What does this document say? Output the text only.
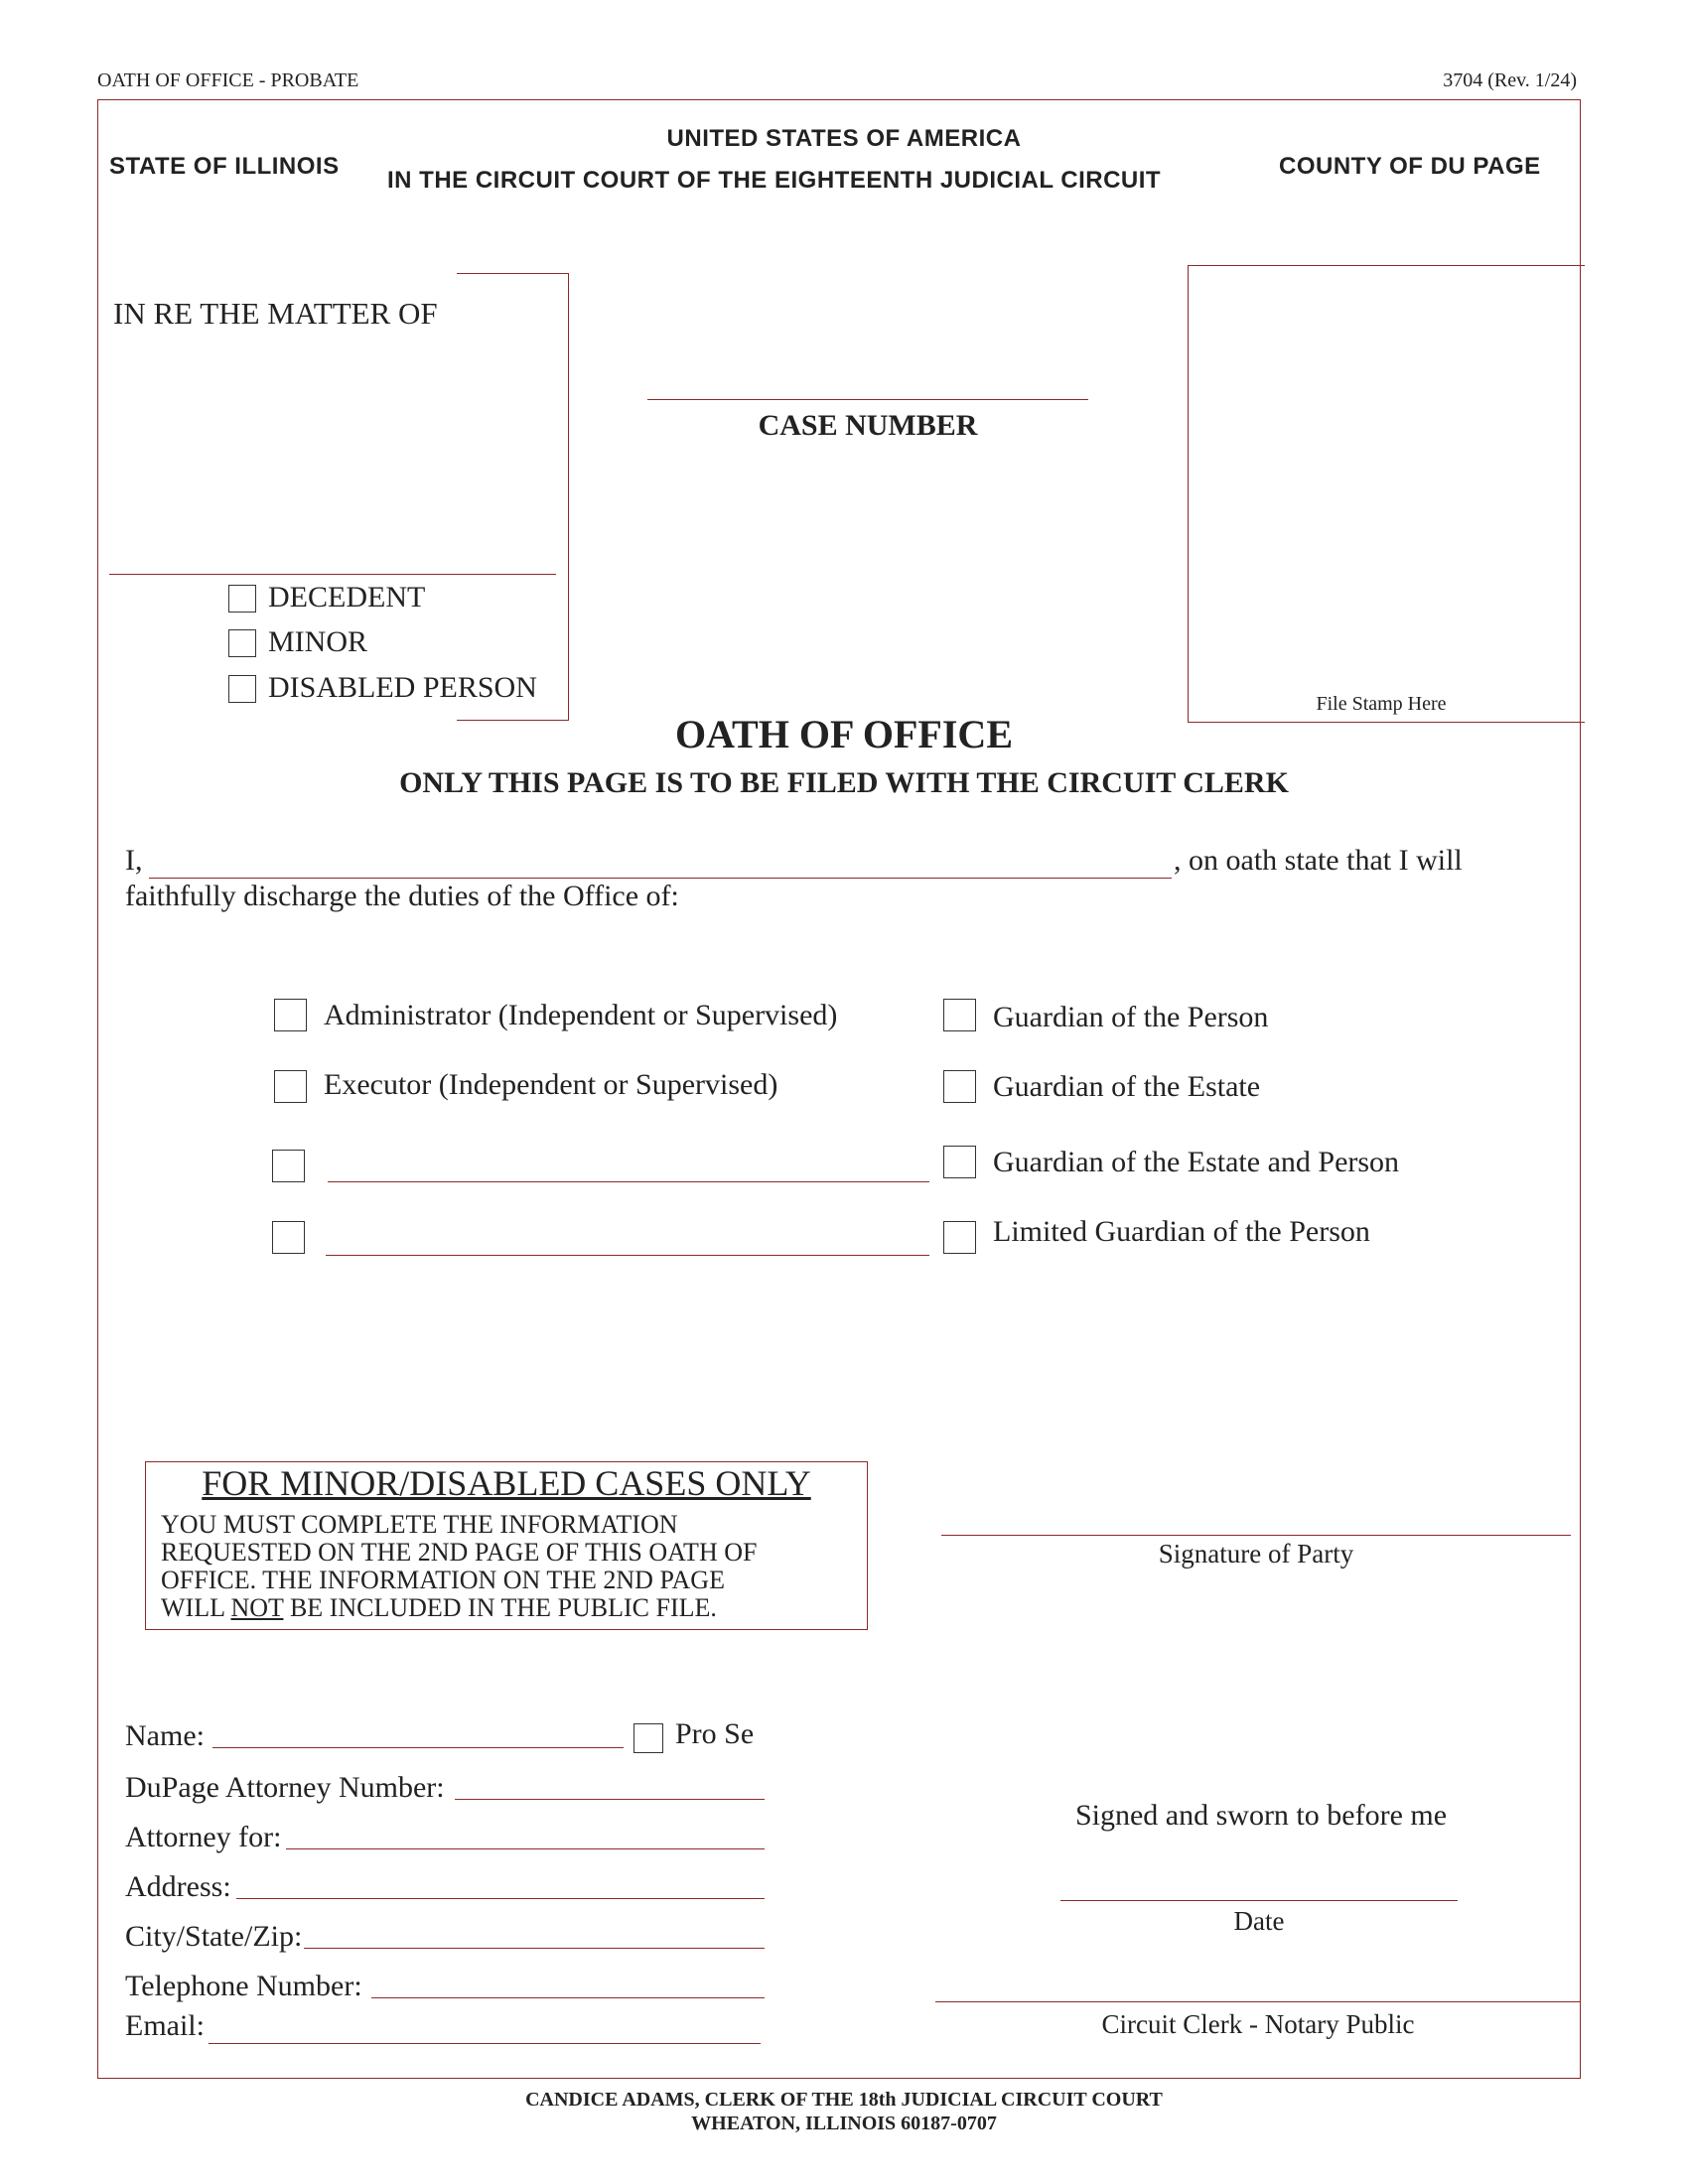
OATH OF OFFICE - PROBATE	3704 (Rev. 1/24)
UNITED STATES OF AMERICA
STATE OF ILLINOIS
IN THE CIRCUIT COURT OF THE EIGHTEENTH JUDICIAL CIRCUIT
COUNTY OF DU PAGE
IN RE THE MATTER OF
DECEDENT
MINOR
DISABLED PERSON
CASE NUMBER
File Stamp Here
OATH OF OFFICE
ONLY THIS PAGE IS TO BE FILED WITH THE CIRCUIT CLERK
I,	, on oath state that I will
faithfully discharge the duties of the Office of:
Administrator (Independent or Supervised)
Executor (Independent or Supervised)
Guardian of the Person
Guardian of the Estate
Guardian of the Estate and Person
Limited Guardian of the Person
FOR MINOR/DISABLED CASES ONLY
YOU MUST COMPLETE THE INFORMATION
REQUESTED ON THE 2ND PAGE OF THIS OATH OF
OFFICE. THE INFORMATION ON THE 2ND PAGE
WILL NOT BE INCLUDED IN THE PUBLIC FILE.
Signature of Party
Name:	Pro Se
DuPage Attorney Number:
Attorney for:
Address:
City/State/Zip:
Telephone Number:
Email:
Signed and sworn to before me
Date
Circuit Clerk - Notary Public
CANDICE ADAMS, CLERK OF THE 18th JUDICIAL CIRCUIT COURT
WHEATON, ILLINOIS 60187-0707
